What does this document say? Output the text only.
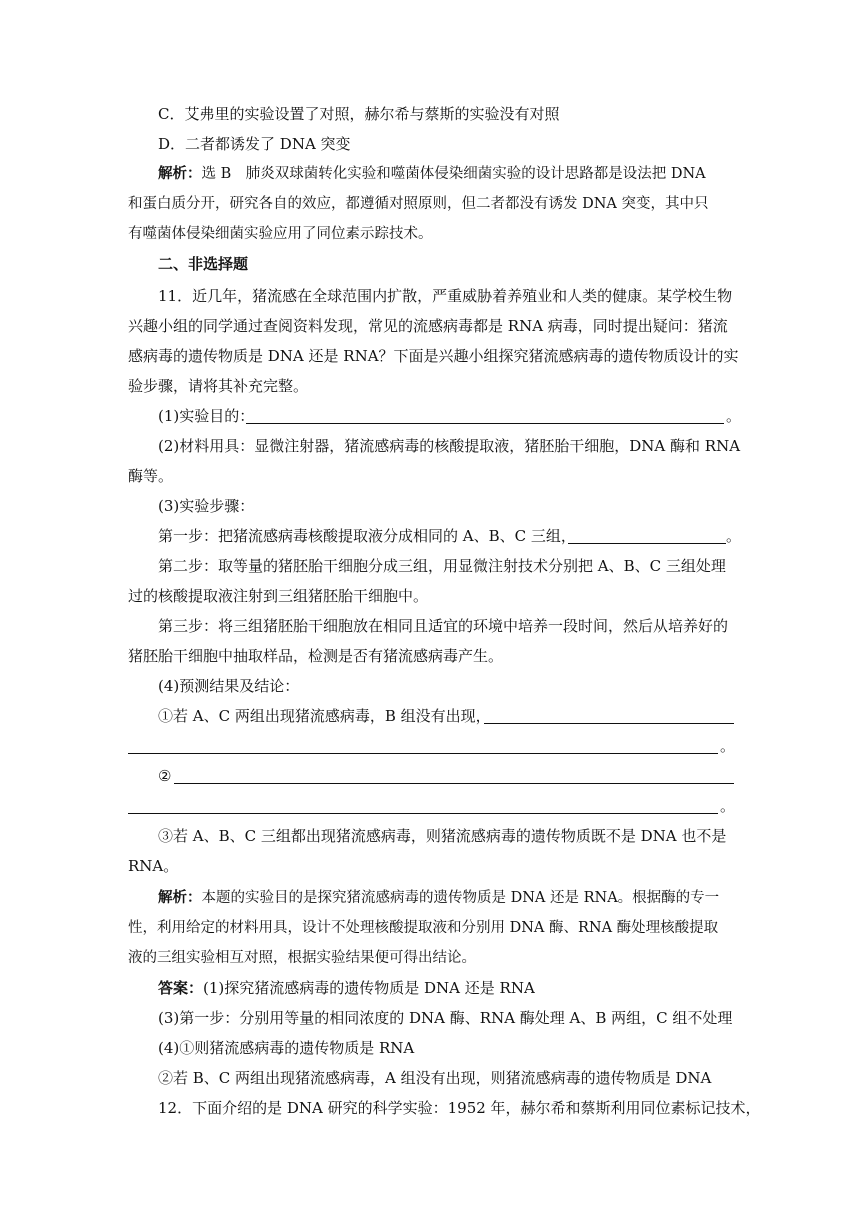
C．艾弗里的实验设置了对照，赫尔希与蔡斯的实验没有对照
D．二者都诱发了 DNA 突变
解析：选 B　肺炎双球菌转化实验和噬菌体侵染细菌实验的设计思路都是设法把 DNA
和蛋白质分开，研究各自的效应，都遵循对照原则，但二者都没有诱发 DNA 突变，其中只
有噬菌体侵染细菌实验应用了同位素示踪技术。
二、非选择题
11．近几年，猪流感在全球范围内扩散，严重威胁着养殖业和人类的健康。某学校生物
兴趣小组的同学通过查阅资料发现，常见的流感病毒都是 RNA 病毒，同时提出疑问：猪流
感病毒的遗传物质是 DNA 还是 RNA？下面是兴趣小组探究猪流感病毒的遗传物质设计的实
验步骤，请将其补充完整。
(1)实验目的：	。
(2)材料用具：显微注射器，猪流感病毒的核酸提取液，猪胚胎干细胞，DNA 酶和 RNA
酶等。
(3)实验步骤：
第一步：把猪流感病毒核酸提取液分成相同的 A、B、C 三组，	。
第二步：取等量的猪胚胎干细胞分成三组，用显微注射技术分别把 A、B、C 三组处理
过的核酸提取液注射到三组猪胚胎干细胞中。
第三步：将三组猪胚胎干细胞放在相同且适宜的环境中培养一段时间，然后从培养好的
猪胚胎干细胞中抽取样品，检测是否有猪流感病毒产生。
(4)预测结果及结论：
①若 A、C 两组出现猪流感病毒，B 组没有出现，
。
②
。
③若 A、B、C 三组都出现猪流感病毒，则猪流感病毒的遗传物质既不是 DNA 也不是
RNA。
解析：本题的实验目的是探究猪流感病毒的遗传物质是 DNA 还是 RNA。根据酶的专一
性，利用给定的材料用具，设计不处理核酸提取液和分别用 DNA 酶、RNA 酶处理核酸提取
液的三组实验相互对照，根据实验结果便可得出结论。
答案：(1)探究猪流感病毒的遗传物质是 DNA 还是 RNA
(3)第一步：分别用等量的相同浓度的 DNA 酶、RNA 酶处理 A、B 两组，C 组不处理
(4)①则猪流感病毒的遗传物质是 RNA
②若 B、C 两组出现猪流感病毒，A 组没有出现，则猪流感病毒的遗传物质是 DNA
12．下面介绍的是 DNA 研究的科学实验：1952 年，赫尔希和蔡斯利用同位素标记技术，
